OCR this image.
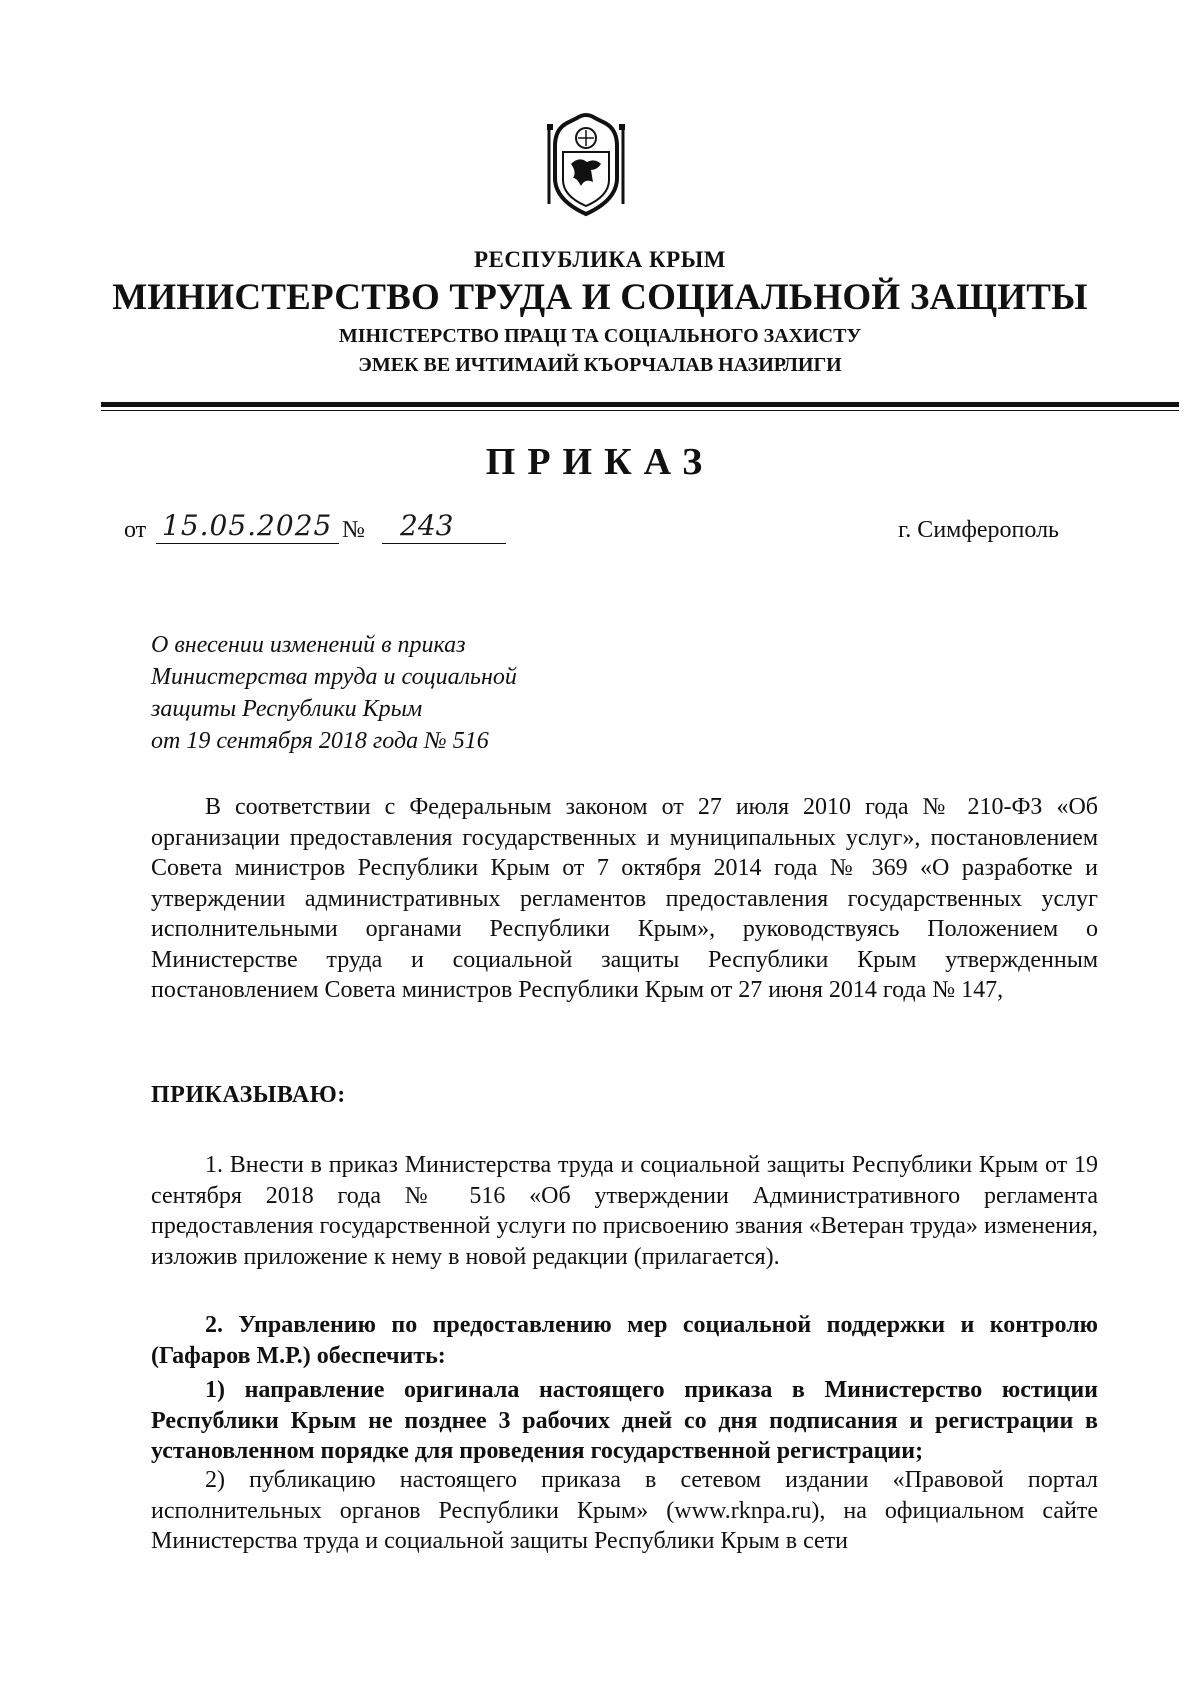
РЕСПУБЛИКА КРЫМ
МИНИСТЕРСТВО ТРУДА И СОЦИАЛЬНОЙ ЗАЩИТЫ
МІНІСТЕРСТВО ПРАЦІ ТА СОЦІАЛЬНОГО ЗАХИСТУ
ЭМЕК ВЕ ИЧТИМАИЙ КЪОРЧАЛАВ НАЗИРЛИГИ
ПРИКАЗ
от 15.05.2025 № 243	г. Симферополь
О внесении изменений в приказ
Министерства труда и социальной
защиты Республики Крым
от 19 сентября 2018 года № 516
В соответствии с Федеральным законом от 27 июля 2010 года № 210-ФЗ «Об организации предоставления государственных и муниципальных услуг», постановлением Совета министров Республики Крым от 7 октября 2014 года № 369 «О разработке и утверждении административных регламентов предоставления государственных услуг исполнительными органами Республики Крым», руководствуясь Положением о Министерстве труда и социальной защиты Республики Крым утвержденным постановлением Совета министров Республики Крым от 27 июня 2014 года № 147,
ПРИКАЗЫВАЮ:
1. Внести в приказ Министерства труда и социальной защиты Республики Крым от 19 сентября 2018 года № 516 «Об утверждении Административного регламента предоставления государственной услуги по присвоению звания «Ветеран труда» изменения, изложив приложение к нему в новой редакции (прилагается).
2. Управлению по предоставлению мер социальной поддержки и контролю (Гафаров М.Р.) обеспечить:
1) направление оригинала настоящего приказа в Министерство юстиции Республики Крым не позднее 3 рабочих дней со дня подписания и регистрации в установленном порядке для проведения государственной регистрации;
2) публикацию настоящего приказа в сетевом издании «Правовой портал исполнительных органов Республики Крым» (www.rknpa.ru), на официальном сайте Министерства труда и социальной защиты Республики Крым в сети
